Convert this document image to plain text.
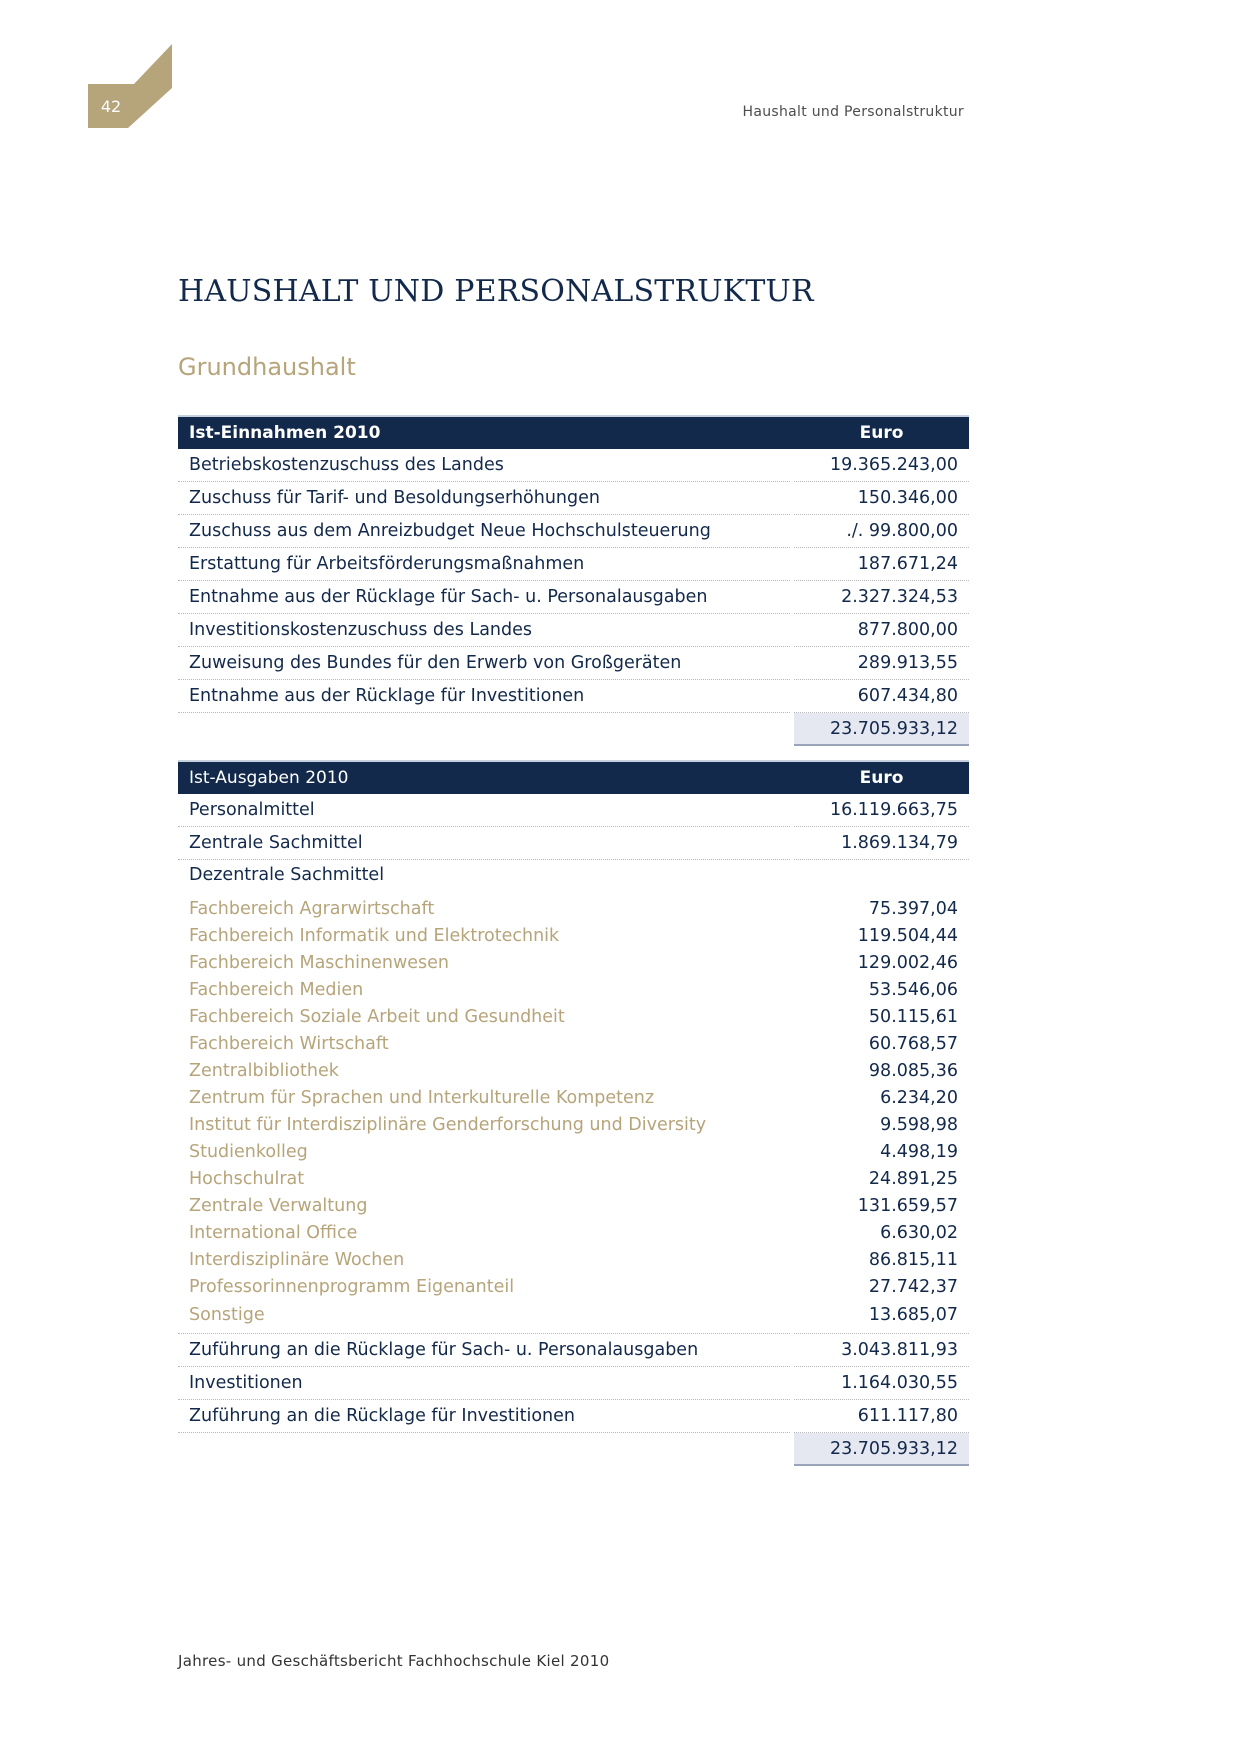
42	Haushalt und Personalstruktur
HAUSHALT UND PERSONALSTRUKTUR
Grundhaushalt
Ist-Einnahmen 2010		Euro
Betriebskostenzuschuss des Landes		19.365.243,00
Zuschuss für Tarif- und Besoldungserhöhungen		150.346,00
Zuschuss aus dem Anreizbudget Neue Hochschulsteuerung		./. 99.800,00
Erstattung für Arbeitsförderungsmaßnahmen		187.671,24
Entnahme aus der Rücklage für Sach- u. Personalausgaben		2.327.324,53
Investitionskostenzuschuss des Landes		877.800,00
Zuweisung des Bundes für den Erwerb von Großgeräten		289.913,55
Entnahme aus der Rücklage für Investitionen		607.434,80
		23.705.933,12
Ist-Ausgaben 2010		Euro
Personalmittel		16.119.663,75
Zentrale Sachmittel		1.869.134,79
Dezentrale Sachmittel		
Fachbereich Agrarwirtschaft		75.397,04
Fachbereich Informatik und Elektrotechnik		119.504,44
Fachbereich Maschinenwesen		129.002,46
Fachbereich Medien		53.546,06
Fachbereich Soziale Arbeit und Gesundheit		50.115,61
Fachbereich Wirtschaft		60.768,57
Zentralbibliothek		98.085,36
Zentrum für Sprachen und Interkulturelle Kompetenz		6.234,20
Institut für Interdisziplinäre Genderforschung und Diversity		9.598,98
Studienkolleg		4.498,19
Hochschulrat		24.891,25
Zentrale Verwaltung		131.659,57
International Office		6.630,02
Interdisziplinäre Wochen		86.815,11
Professorinnenprogramm Eigenanteil		27.742,37
Sonstige		13.685,07
Zuführung an die Rücklage für Sach- u. Personalausgaben		3.043.811,93
Investitionen		1.164.030,55
Zuführung an die Rücklage für Investitionen		611.117,80
		23.705.933,12
Jahres- und Geschäftsbericht Fachhochschule Kiel 2010
